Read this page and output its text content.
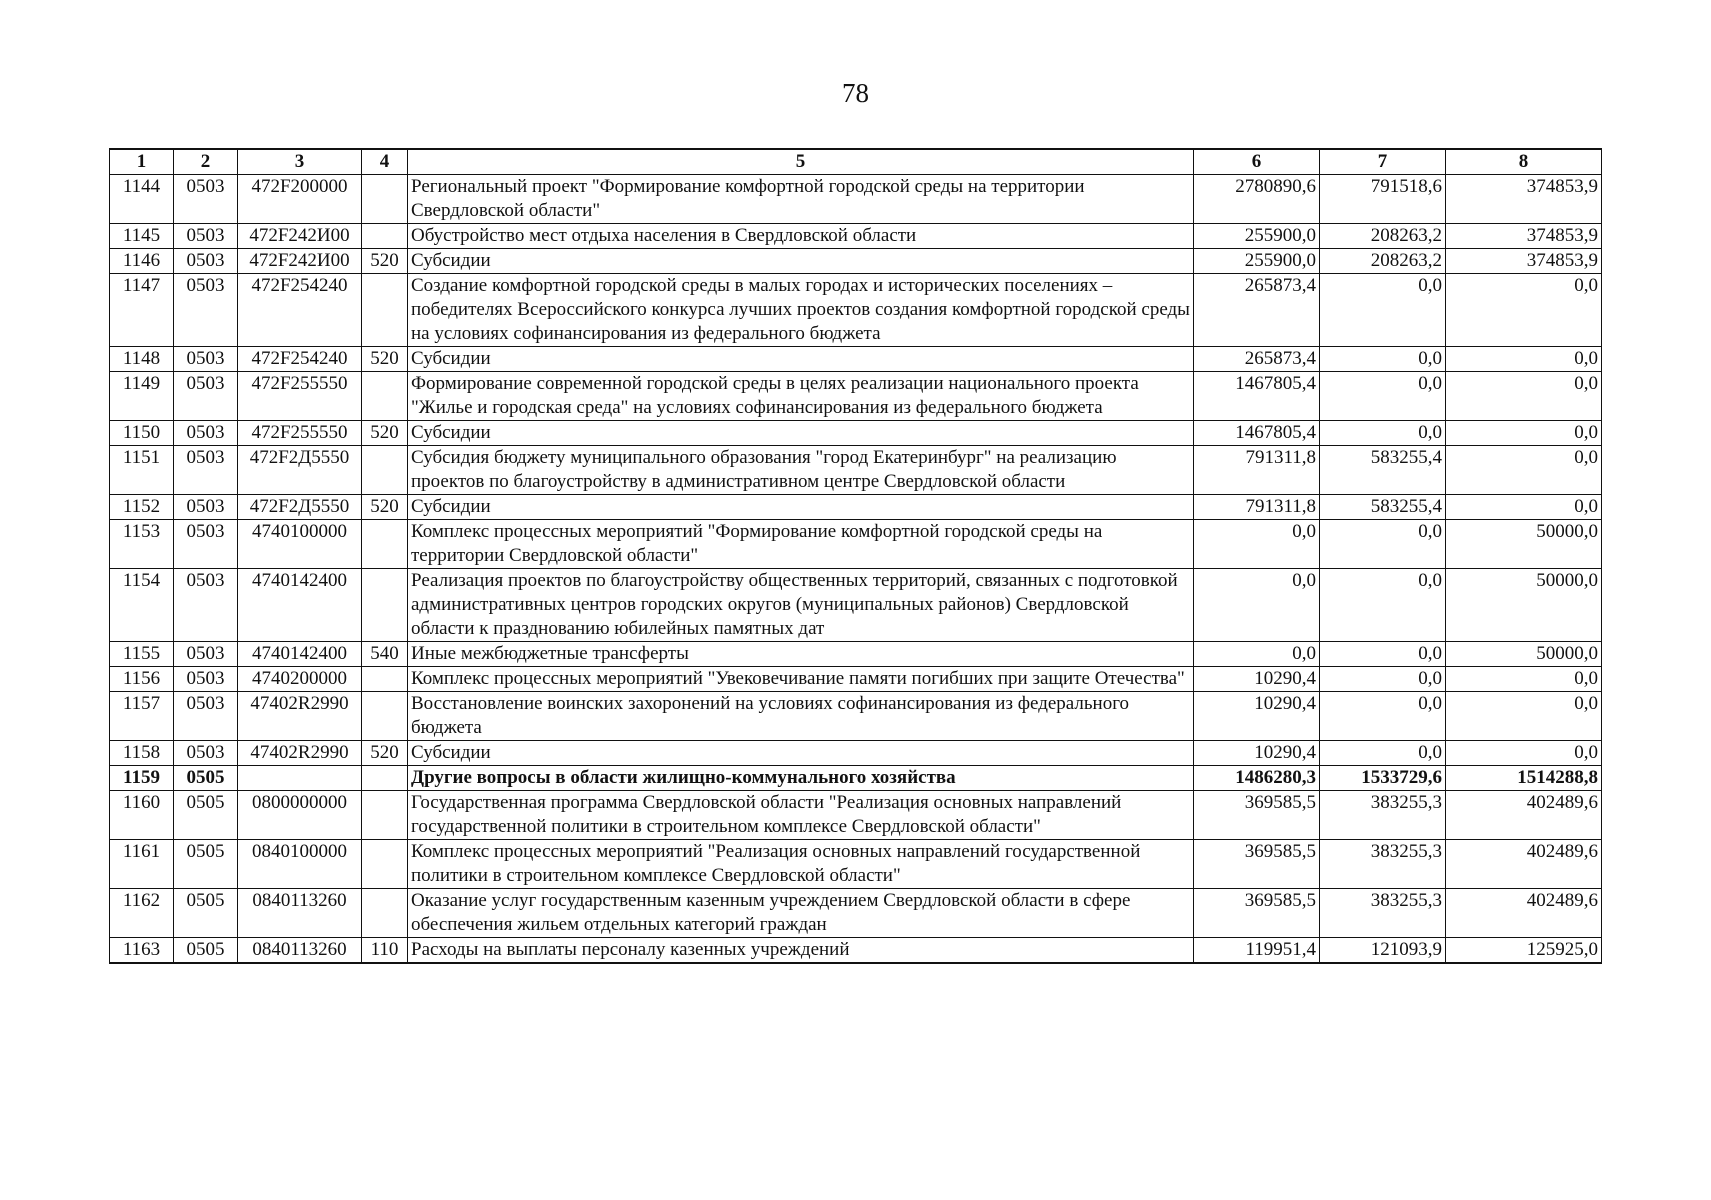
78
1	2	3	4	5	6	7	8
1144	0503	472F200000		Региональный проект "Формирование комфортной городской среды на территории Свердловской области"	2780890,6	791518,6	374853,9
1145	0503	472F242И00		Обустройство мест отдыха населения в Свердловской области	255900,0	208263,2	374853,9
1146	0503	472F242И00	520	Субсидии	255900,0	208263,2	374853,9
1147	0503	472F254240		Создание комфортной городской среды в малых городах и исторических поселениях – победителях Всероссийского конкурса лучших проектов создания комфортной городской среды на условиях софинансирования из федерального бюджета	265873,4	0,0	0,0
1148	0503	472F254240	520	Субсидии	265873,4	0,0	0,0
1149	0503	472F255550		Формирование современной городской среды в целях реализации национального проекта "Жилье и городская среда" на условиях софинансирования из федерального бюджета	1467805,4	0,0	0,0
1150	0503	472F255550	520	Субсидии	1467805,4	0,0	0,0
1151	0503	472F2Д5550		Субсидия бюджету муниципального образования "город Екатеринбург" на реализацию проектов по благоустройству в административном центре Свердловской области	791311,8	583255,4	0,0
1152	0503	472F2Д5550	520	Субсидии	791311,8	583255,4	0,0
1153	0503	4740100000		Комплекс процессных мероприятий "Формирование комфортной городской среды на территории Свердловской области"	0,0	0,0	50000,0
1154	0503	4740142400		Реализация проектов по благоустройству общественных территорий, связанных с подготовкой административных центров городских округов (муниципальных районов) Свердловской области к празднованию юбилейных памятных дат	0,0	0,0	50000,0
1155	0503	4740142400	540	Иные межбюджетные трансферты	0,0	0,0	50000,0
1156	0503	4740200000		Комплекс процессных мероприятий "Увековечивание памяти погибших при защите Отечества"	10290,4	0,0	0,0
1157	0503	47402R2990		Восстановление воинских захоронений на условиях софинансирования из федерального бюджета	10290,4	0,0	0,0
1158	0503	47402R2990	520	Субсидии	10290,4	0,0	0,0
1159	0505			Другие вопросы в области жилищно-коммунального хозяйства	1486280,3	1533729,6	1514288,8
1160	0505	0800000000		Государственная программа Свердловской области "Реализация основных направлений государственной политики в строительном комплексе Свердловской области"	369585,5	383255,3	402489,6
1161	0505	0840100000		Комплекс процессных мероприятий "Реализация основных направлений государственной политики в строительном комплексе Свердловской области"	369585,5	383255,3	402489,6
1162	0505	0840113260		Оказание услуг государственным казенным учреждением Свердловской области в сфере обеспечения жильем отдельных категорий граждан	369585,5	383255,3	402489,6
1163	0505	0840113260	110	Расходы на выплаты персоналу казенных учреждений	119951,4	121093,9	125925,0
